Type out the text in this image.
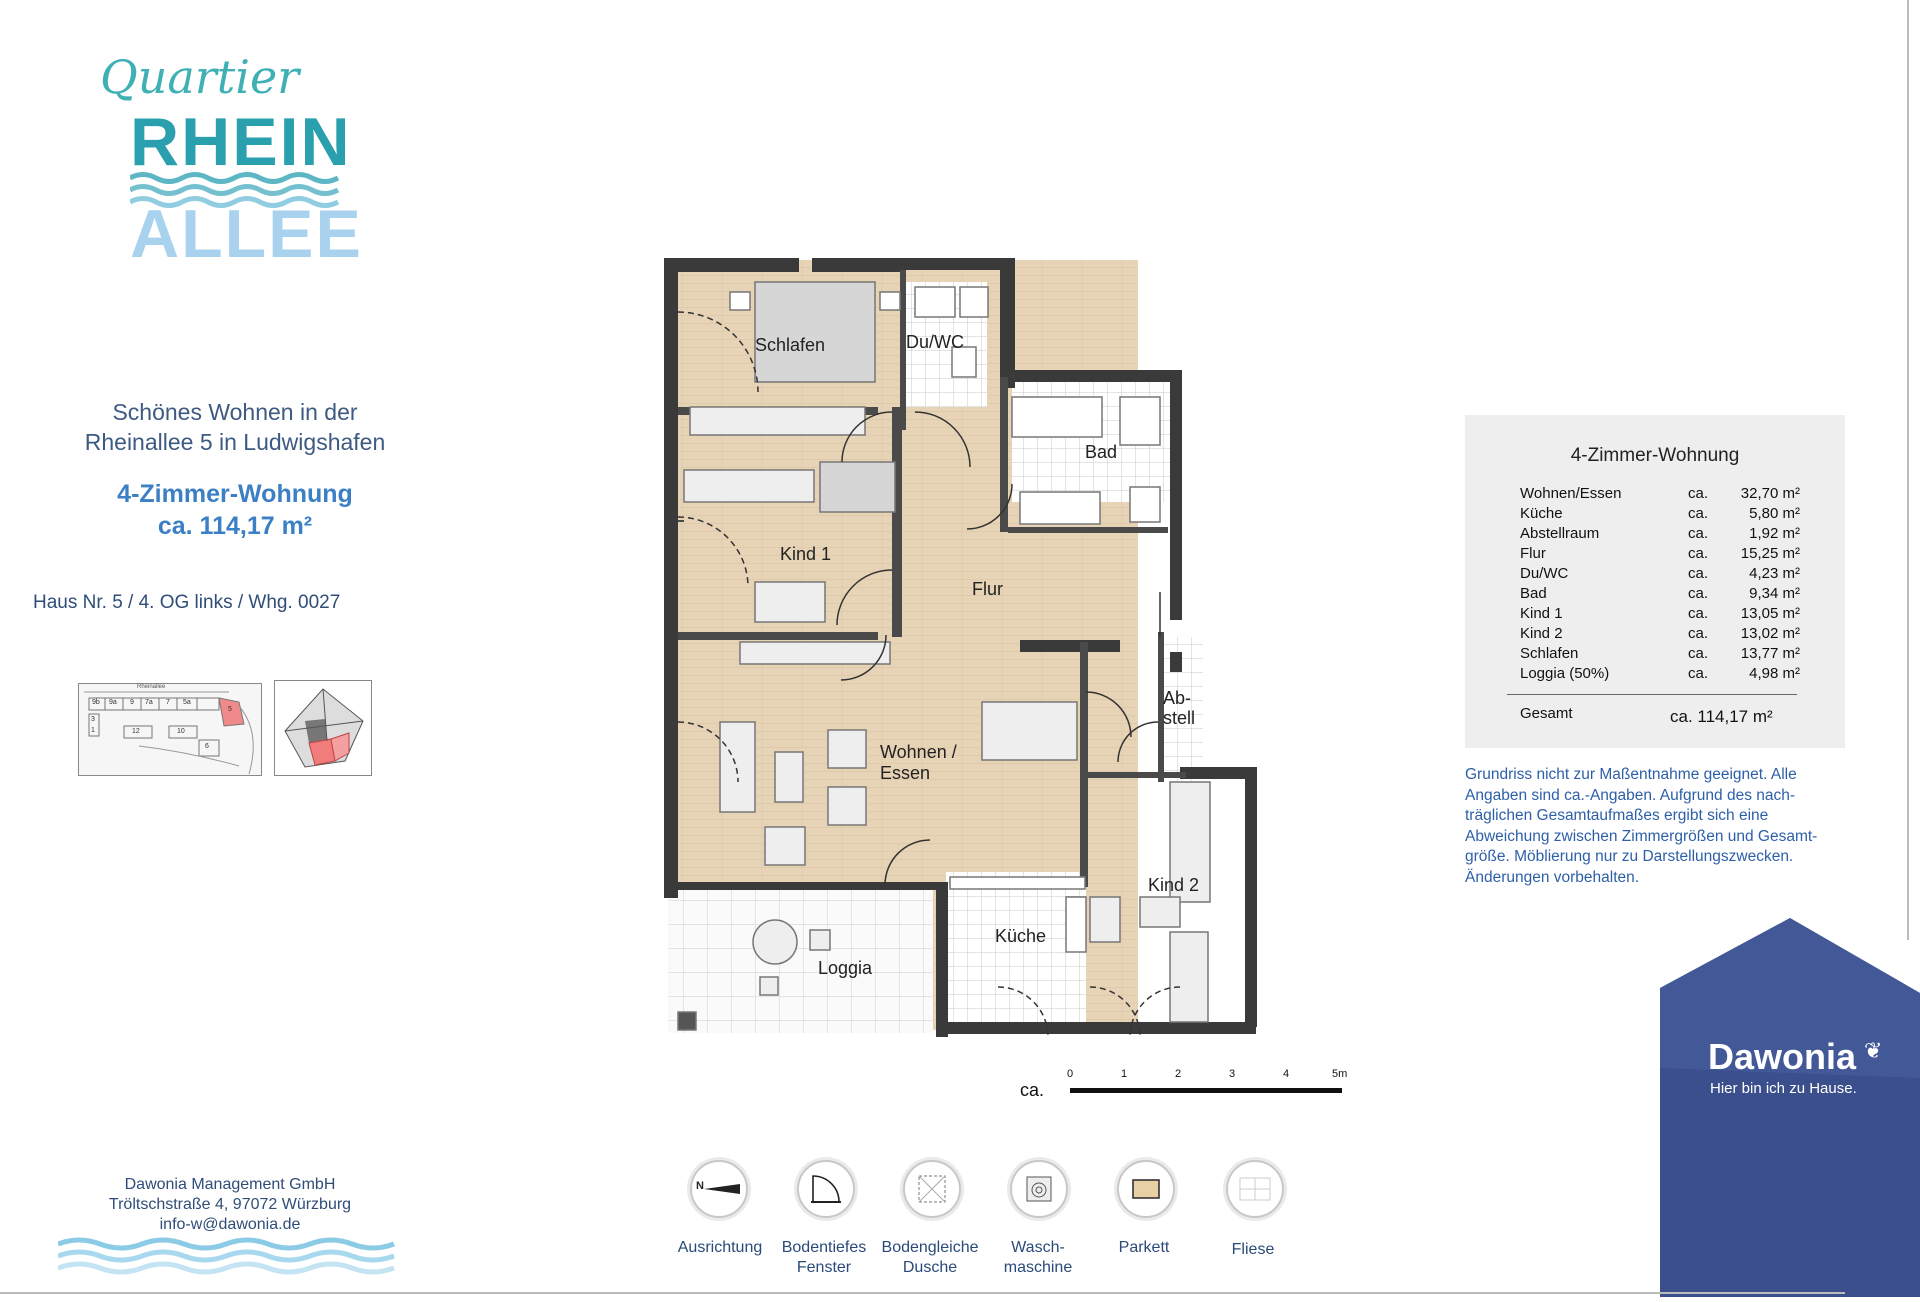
Quartier
RHEIN
ALLEE
Schönes Wohnen in der
Rheinallee 5 in Ludwigshafen
4-Zimmer-Wohnung
ca. 114,17 m²
Haus Nr. 5 / 4. OG links / Whg. 0027
Rheinallee
9b 9a 9 7a 7 5a
5
12	10
1
3
6
Schlafen	Du/WC
Bad
Kind 1
Flur
Wohnen /
Essen
Ab-
stell
Kind 2
Küche
Loggia
ca.
0	1	2	3	4	5m
4-Zimmer-Wohnung
Wohnen/Essen	ca. 32,70 m²
Küche	ca.	5,80 m²
Abstellraum	ca.	1,92 m²
Flur	ca. 15,25 m²
Du/WC	ca.	4,23 m²
Bad	ca.	9,34 m²
Kind 1	ca. 13,05 m²
Kind 2	ca. 13,02 m²
Schlafen	ca. 13,77 m²
Loggia (50%)	ca.	4,98 m²
Gesamt	ca. 114,17 m²
Grundriss nicht zur Maßentnahme geeignet. Alle
Angaben sind ca.-Angaben. Aufgrund des nach-
träglichen Gesamtaufmaßes ergibt sich eine
Abweichung zwischen Zimmergrößen und Gesamt-
größe. Möblierung nur zu Darstellungszwecken.
Änderungen vorbehalten.
Dawonia ❦
Hier bin ich zu Hause.
N
Ausrichtung	Bodentiefes
Fenster
Bodengleiche
Dusche
Wasch-
maschine
Parkett	Fliese
Dawonia Management GmbH
Tröltschstraße 4, 97072 Würzburg
info-w@dawonia.de
